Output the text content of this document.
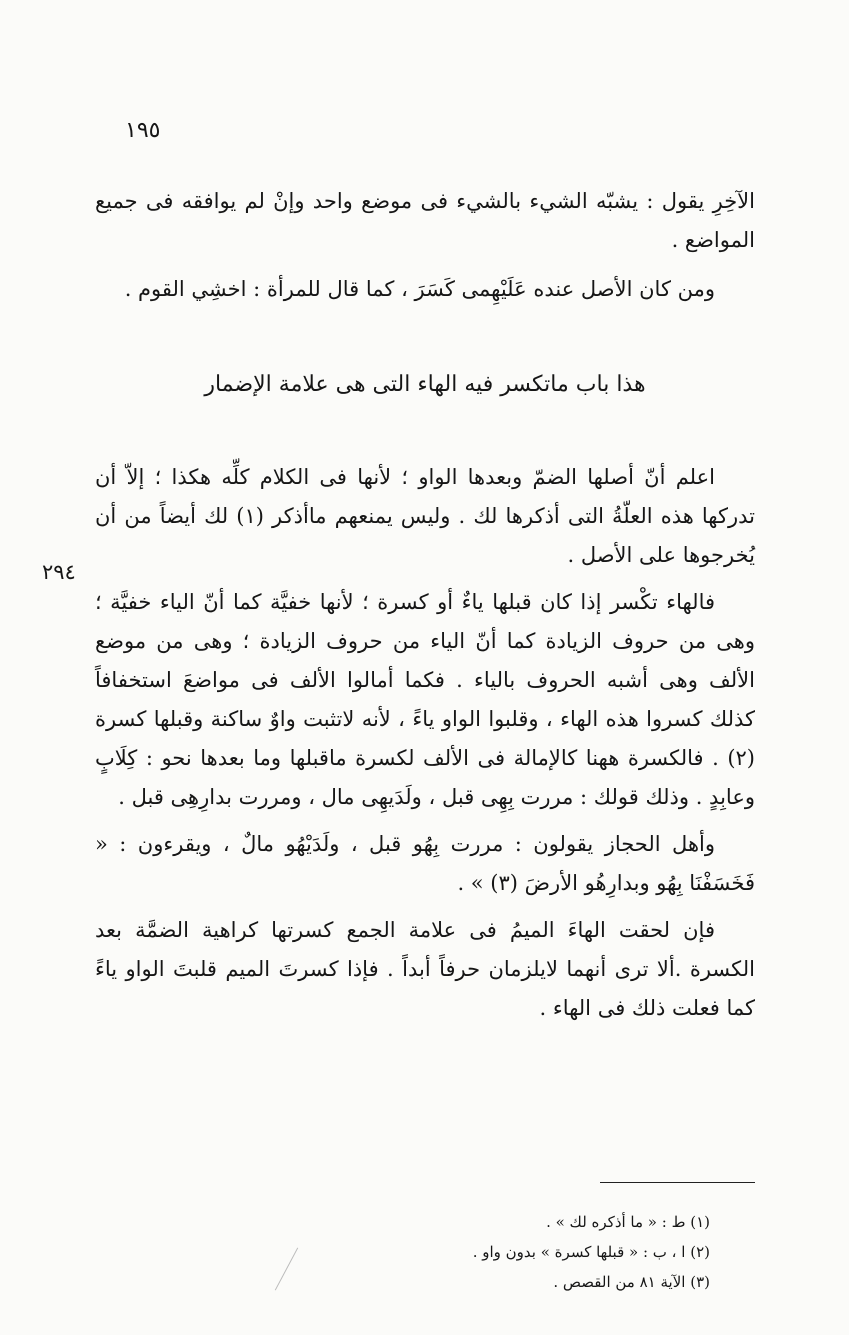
١٩٥

الآخِرِ يقول : يشبّه الشيء بالشيء فى موضع واحد وإنْ لم يوافقه فى جميع المواضع .

ومن كان الأصل عنده عَلَيْهِمى كَسَرَ ، كما قال للمرأة : اخشِي القوم .

هذا باب ماتكسر فيه الهاء التى هى علامة الإضمار
٢٩٤

اعلم أنّ أصلها الضمّ وبعدها الواو ؛ لأنها فى الكلام كلِّه هكذا ؛ إلاّ أن تدركها هذه العلّةُ التى أذكرها لك . وليس يمنعهم ماأذكر (١) لك أيضاً من أن يُخرجوها على الأصل .

فالهاء تكْسر إذا كان قبلها ياءٌ أو كسرة ؛ لأنها خفيَّة كما أنّ الياء خفيَّة ؛ وهى من حروف الزيادة كما أنّ الياء من حروف الزيادة ؛ وهى من موضع الألف وهى أشبه الحروف بالياء . فكما أمالوا الألف فى مواضعَ استخفافاً كذلك كسروا هذه الهاء ، وقلبوا الواو ياءً ، لأنه لاتثبت واوٌ ساكنة وقبلها كسرة (٢) . فالكسرة ههنا كالإمالة فى الألف لكسرة ماقبلها وما بعدها نحو : كِلَابٍ وعابِدٍ . وذلك قولك : مررت بِهِى قبل ، ولَدَيهِى مال ، ومررت بدارِهِى قبل .

وأهل الحجاز يقولون : مررت بِهُو قبل ، ولَدَيْهُو مالٌ ، ويقرءون : « فَخَسَفْنَا بِهُو وبدارِهُو الأرضَ (٣) » .

فإن لحقت الهاءَ الميمُ فى علامة الجمع كسرتها كراهية الضمَّة بعد الكسرة .ألا ترى أنهما لايلزمان حرفاً أبداً . فإذا كسرتَ الميم قلبتَ الواو ياءً كما فعلت ذلك فى الهاء .

(١) ط : « ما أذكره لك » .
(٢) ا ، ب : « قبلها كسرة » بدون واو .
(٣) الآية ٨١ من القصص .
